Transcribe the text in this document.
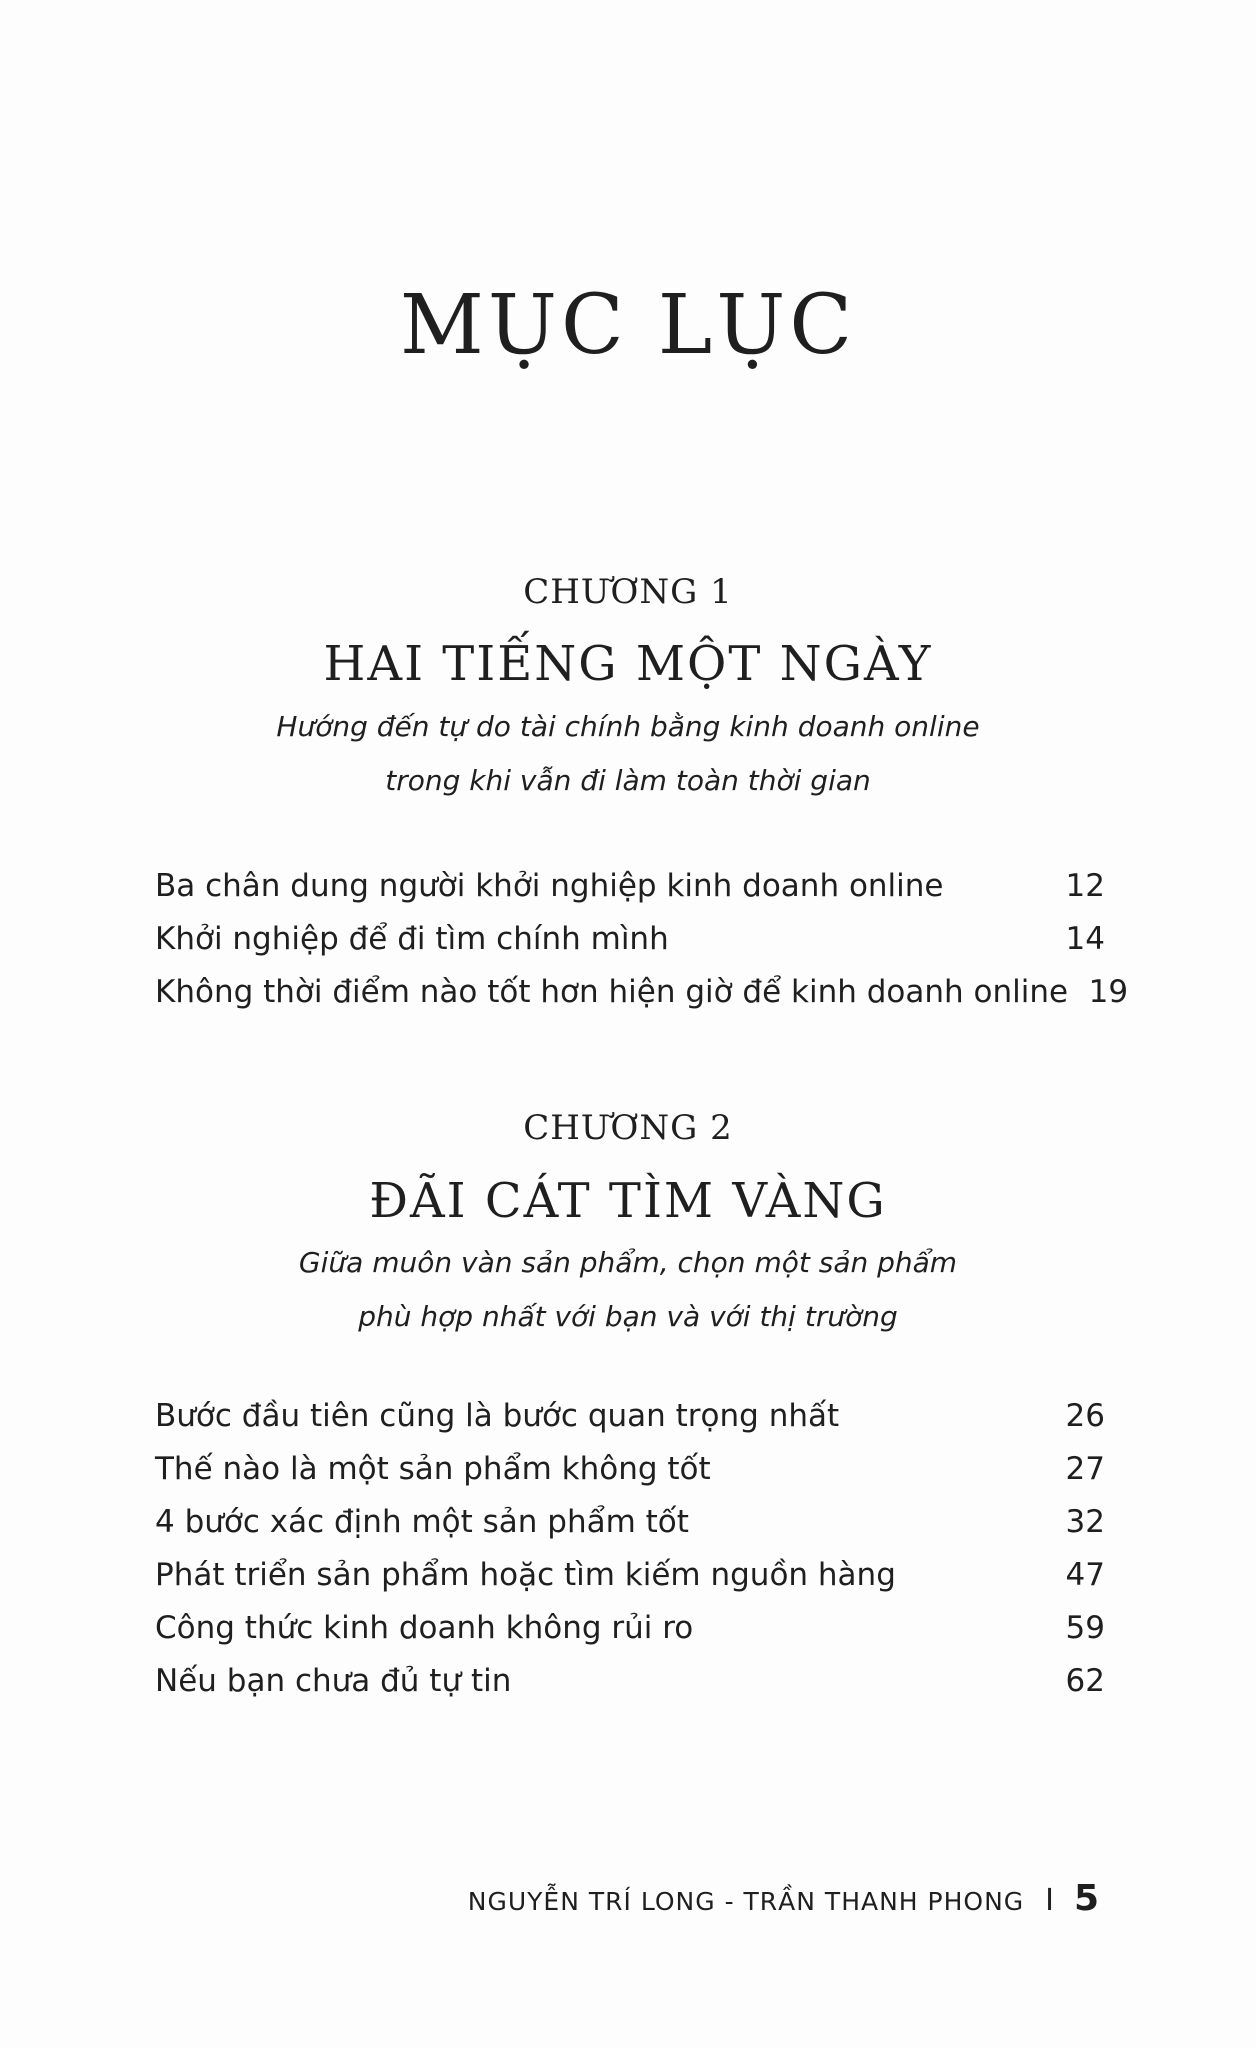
MỤC LỤC
CHƯƠNG 1
HAI TIẾNG MỘT NGÀY
Hướng đến tự do tài chính bằng kinh doanh online
trong khi vẫn đi làm toàn thời gian
Ba chân dung người khởi nghiệp kinh doanh online	12
Khởi nghiệp để đi tìm chính mình	14
Không thời điểm nào tốt hơn hiện giờ để kinh doanh online 19
CHƯƠNG 2
ĐÃI CÁT TÌM VÀNG
Giữa muôn vàn sản phẩm, chọn một sản phẩm
phù hợp nhất với bạn và với thị trường
Bước đầu tiên cũng là bước quan trọng nhất	26
Thế nào là một sản phẩm không tốt	27
4 bước xác định một sản phẩm tốt	32
Phát triển sản phẩm hoặc tìm kiếm nguồn hàng	47
Công thức kinh doanh không rủi ro	59
Nếu bạn chưa đủ tự tin	62
NGUYỄN TRÍ LONG - TRẦN THANH PHONG I 5
